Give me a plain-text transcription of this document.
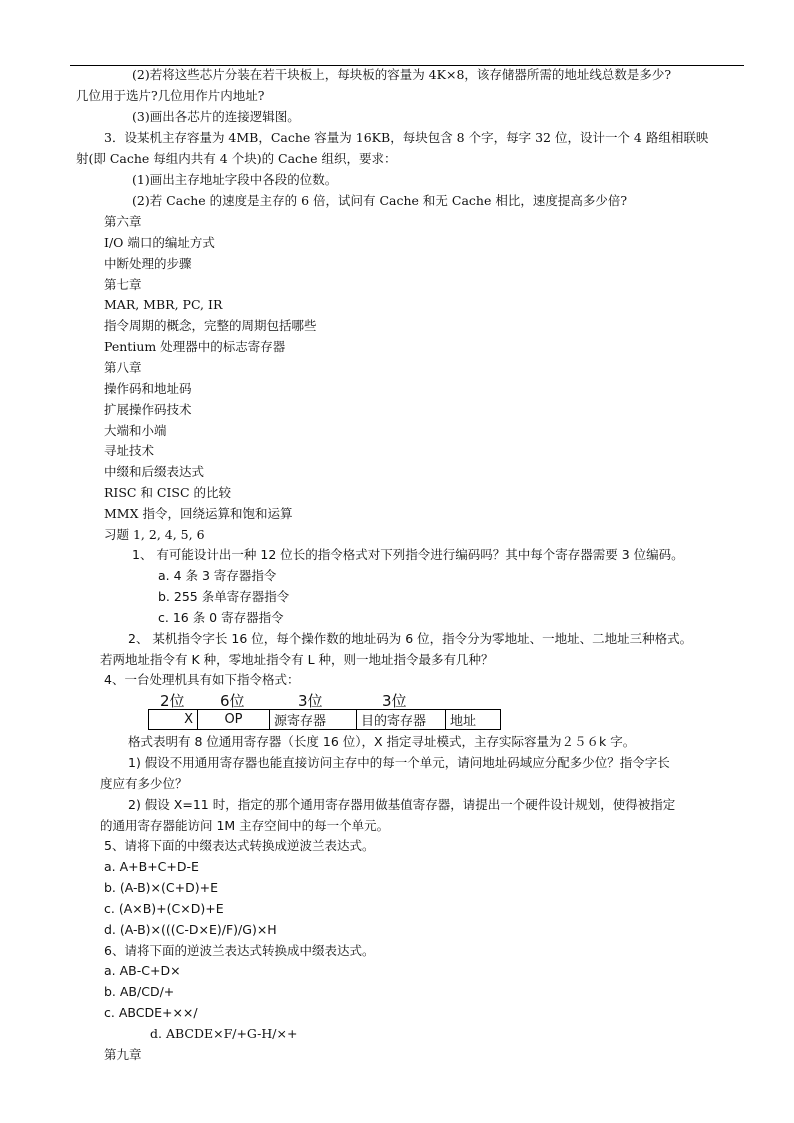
(2)若将这些芯片分装在若干块板上，每块板的容量为 4K×8，该存储器所需的地址线总数是多少?
几位用于选片?几位用作片内地址?
(3)画出各芯片的连接逻辑图。
3．设某机主存容量为 4MB，Cache 容量为 16KB，每块包含 8 个字，每字 32 位，设计一个 4 路组相联映
射(即 Cache 每组内共有 4 个块)的 Cache 组织，要求：
(1)画出主存地址字段中各段的位数。
(2)若 Cache 的速度是主存的 6 倍，试问有 Cache 和无 Cache 相比，速度提高多少倍?
第六章
I/O 端口的编址方式
中断处理的步骤
第七章
MAR, MBR, PC, IR
指令周期的概念，完整的周期包括哪些
Pentium 处理器中的标志寄存器
第八章
操作码和地址码
扩展操作码技术
大端和小端
寻址技术
中缀和后缀表达式
RISC 和 CISC 的比较
MMX 指令，回绕运算和饱和运算
习题 1, 2, 4, 5, 6
1、 有可能设计出一种 12 位长的指令格式对下列指令进行编码吗？其中每个寄存器需要 3 位编码。
a. 4 条 3 寄存器指令
b. 255 条单寄存器指令
c. 16 条 0 寄存器指令
2、 某机指令字长 16 位，每个操作数的地址码为 6 位，指令分为零地址、一地址、二地址三种格式。
若两地址指令有 K 种，零地址指令有 L 种，则一地址指令最多有几种？
4、一台处理机具有如下指令格式：
2位 6位	3位	3位
X	OP	源寄存器	目的寄存器	地址
格式表明有 8 位通用寄存器（长度 16 位），X 指定寻址模式，主存实际容量为２５６k 字。
1) 假设不用通用寄存器也能直接访问主存中的每一个单元，请问地址码域应分配多少位？指令字长
度应有多少位？
2) 假设 X=11 时，指定的那个通用寄存器用做基值寄存器，请提出一个硬件设计规划，使得被指定
的通用寄存器能访问 1M 主存空间中的每一个单元。
5、请将下面的中缀表达式转换成逆波兰表达式。
a. A+B+C+D-E
b. (A-B)×(C+D)+E
c. (A×B)+(C×D)+E
d. (A-B)×(((C-D×E)/F)/G)×H
6、请将下面的逆波兰表达式转换成中缀表达式。
a. AB-C+D×
b. AB/CD/+
c. ABCDE+××/
d. ABCDE×F/+G-H/×+
第九章
